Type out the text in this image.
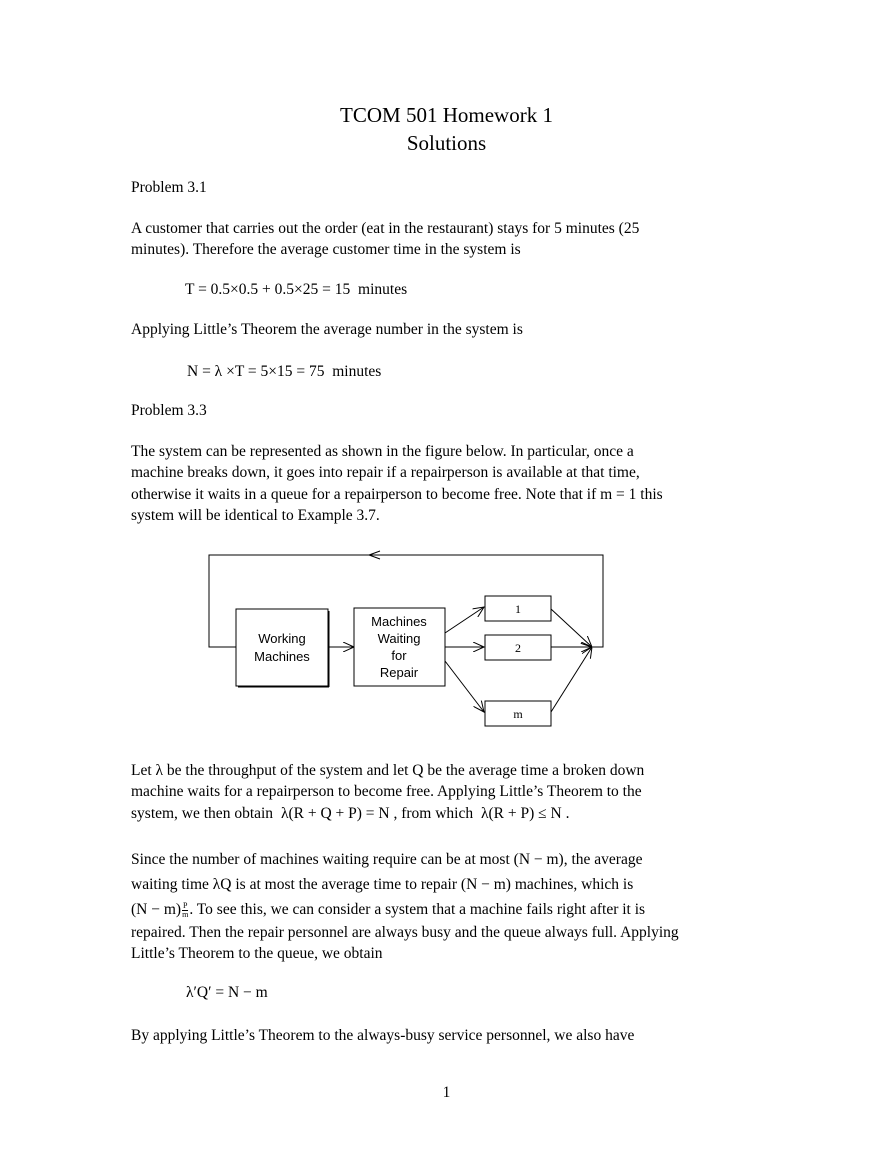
TCOM 501 Homework 1
Solutions
Problem 3.1
A customer that carries out the order (eat in the restaurant) stays for 5 minutes (25
minutes). Therefore the average customer time in the system is
T = 0.5×0.5 + 0.5×25 = 15  minutes
Applying Little’s Theorem the average number in the system is
N = λ ×T = 5×15 = 75  minutes
Problem 3.3
The system can be represented as shown in the figure below. In particular, once a
machine breaks down, it goes into repair if a repairperson is available at that time,
otherwise it waits in a queue for a repairperson to become free. Note that if m = 1 this
system will be identical to Example 3.7.
Working
Machines
Machines
Waiting
for
Repair
1
2
m
Let λ be the throughput of the system and let Q be the average time a broken down
machine waits for a repairperson to become free. Applying Little’s Theorem to the
system, we then obtain λ(R + Q + P) = N , from which λ(R + P) ≤ N .
Since the number of machines waiting require can be at most (N − m), the average
waiting time λQ is at most the average time to repair (N − m) machines, which is
$(N - m) \frac{P}{m}$ . To see this, we can consider a system that a machine fails right after it is
repaired. Then the repair personnel are always busy and the queue always full. Applying
Little’s Theorem to the queue, we obtain
λ′Q′ = N − m
By applying Little’s Theorem to the always-busy service personnel, we also have
1
